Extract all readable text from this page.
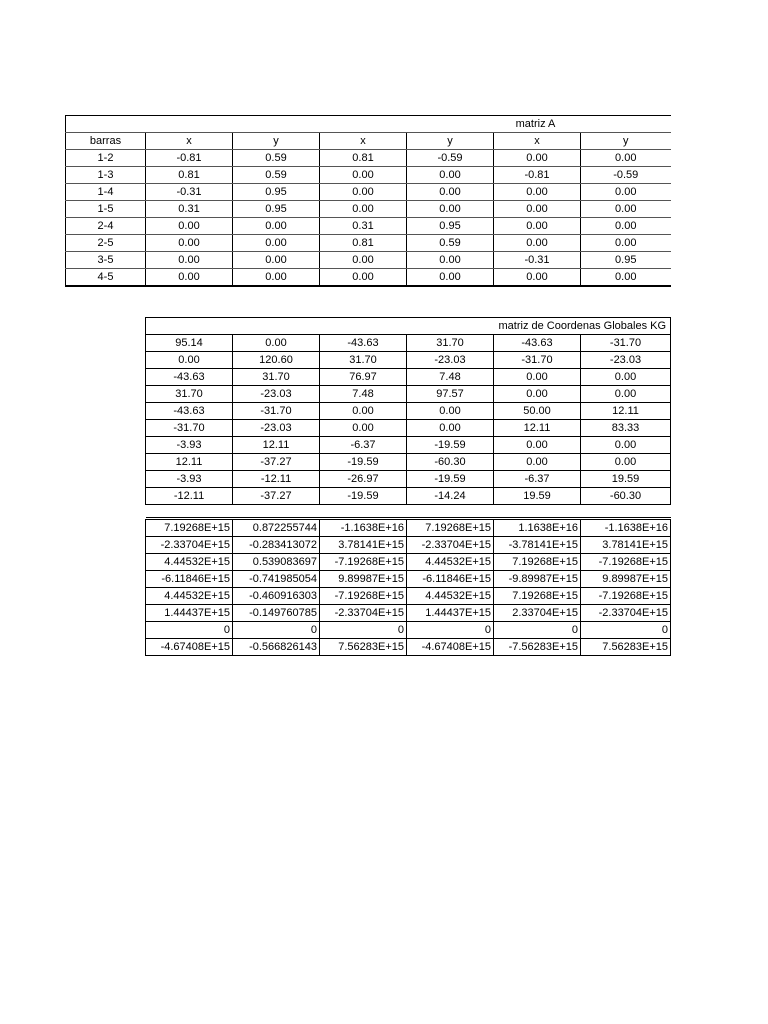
					matriz A	
barras	x	y	x	y	x	y
1-2	-0.81	0.59	0.81	-0.59	0.00	0.00
1-3	0.81	0.59	0.00	0.00	-0.81	-0.59
1-4	-0.31	0.95	0.00	0.00	0.00	0.00
1-5	0.31	0.95	0.00	0.00	0.00	0.00
2-4	0.00	0.00	0.31	0.95	0.00	0.00
2-5	0.00	0.00	0.81	0.59	0.00	0.00
3-5	0.00	0.00	0.00	0.00	-0.31	0.95
4-5	0.00	0.00	0.00	0.00	0.00	0.00
matriz de Coordenas Globales KG					
95.14	0.00	-43.63	31.70	-43.63	-31.70
0.00	120.60	31.70	-23.03	-31.70	-23.03
-43.63	31.70	76.97	7.48	0.00	0.00
31.70	-23.03	7.48	97.57	0.00	0.00
-43.63	-31.70	0.00	0.00	50.00	12.11
-31.70	-23.03	0.00	0.00	12.11	83.33
-3.93	12.11	-6.37	-19.59	0.00	0.00
12.11	-37.27	-19.59	-60.30	0.00	0.00
-3.93	-12.11	-26.97	-19.59	-6.37	19.59
-12.11	-37.27	-19.59	-14.24	19.59	-60.30

7.19268E+15	0.872255744	-1.1638E+16	7.19268E+15	1.1638E+16	-1.1638E+16
-2.33704E+15	-0.283413072	3.78141E+15	-2.33704E+15	-3.78141E+15	3.78141E+15
4.44532E+15	0.539083697	-7.19268E+15	4.44532E+15	7.19268E+15	-7.19268E+15
-6.11846E+15	-0.741985054	9.89987E+15	-6.11846E+15	-9.89987E+15	9.89987E+15
4.44532E+15	-0.460916303	-7.19268E+15	4.44532E+15	7.19268E+15	-7.19268E+15
1.44437E+15	-0.149760785	-2.33704E+15	1.44437E+15	2.33704E+15	-2.33704E+15
0	0	0	0	0	0
-4.67408E+15	-0.566826143	7.56283E+15	-4.67408E+15	-7.56283E+15	7.56283E+15
